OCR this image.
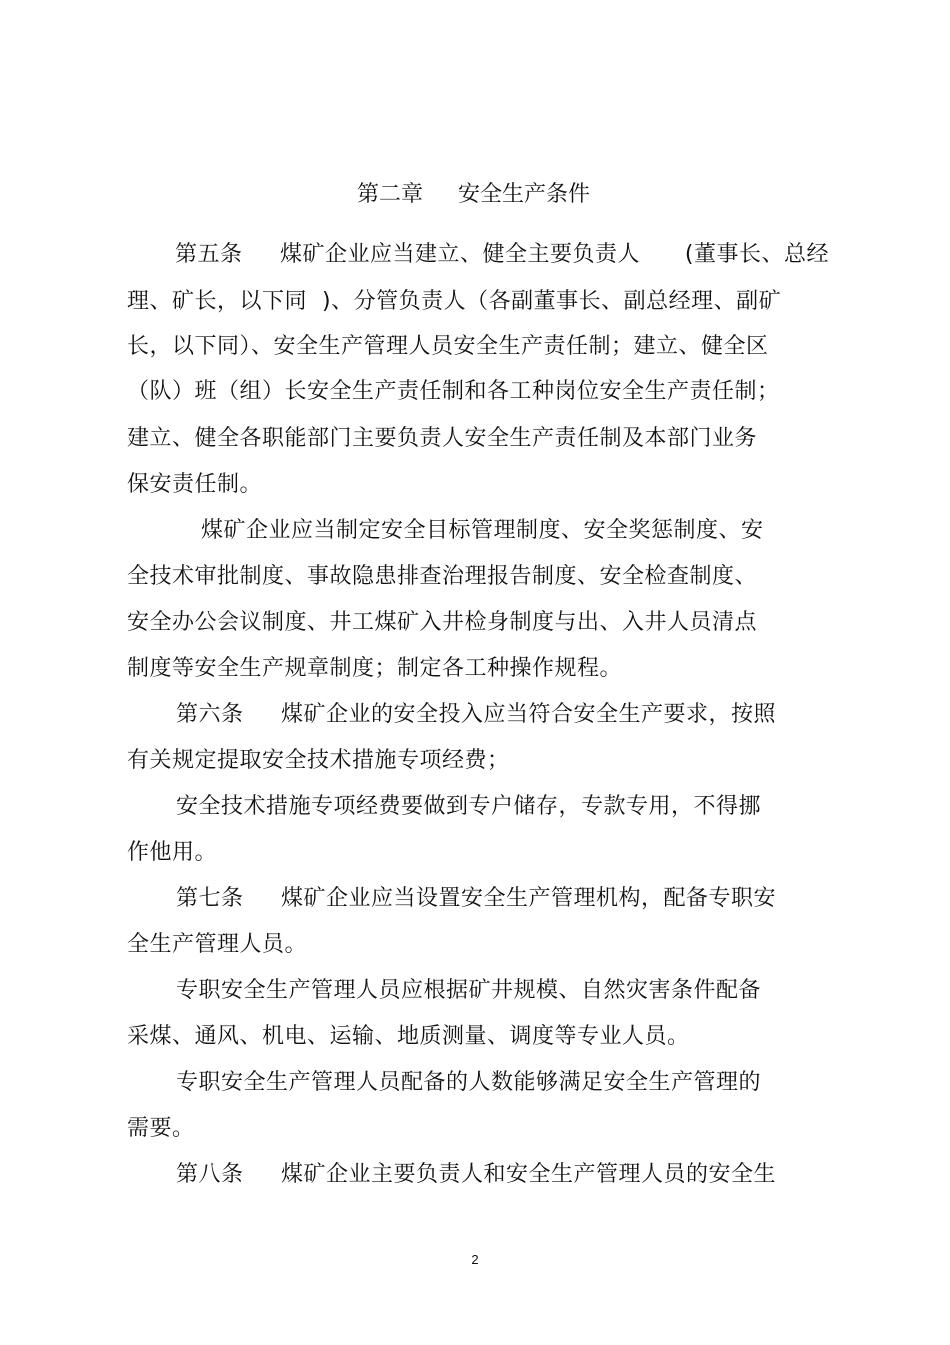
第二章     安全生产条件
第五条     煤矿企业应当建立、健全主要负责人      (董事长、总经
理、矿长，以下同  )、分管负责人（各副董事长、副总经理、副矿
长，以下同）、安全生产管理人员安全生产责任制；建立、健全区
（队）班（组）长安全生产责任制和各工种岗位安全生产责任制；
建立、健全各职能部门主要负责人安全生产责任制及本部门业务
保安责任制。
煤矿企业应当制定安全目标管理制度、安全奖惩制度、安
全技术审批制度、事故隐患排查治理报告制度、安全检查制度、
安全办公会议制度、井工煤矿入井检身制度与出、入井人员清点
制度等安全生产规章制度；制定各工种操作规程。
第六条     煤矿企业的安全投入应当符合安全生产要求，按照
有关规定提取安全技术措施专项经费；
安全技术措施专项经费要做到专户储存，专款专用，不得挪
作他用。
第七条     煤矿企业应当设置安全生产管理机构，配备专职安
全生产管理人员。
专职安全生产管理人员应根据矿井规模、自然灾害条件配备
采煤、通风、机电、运输、地质测量、调度等专业人员。
专职安全生产管理人员配备的人数能够满足安全生产管理的
需要。
第八条     煤矿企业主要负责人和安全生产管理人员的安全生
2
